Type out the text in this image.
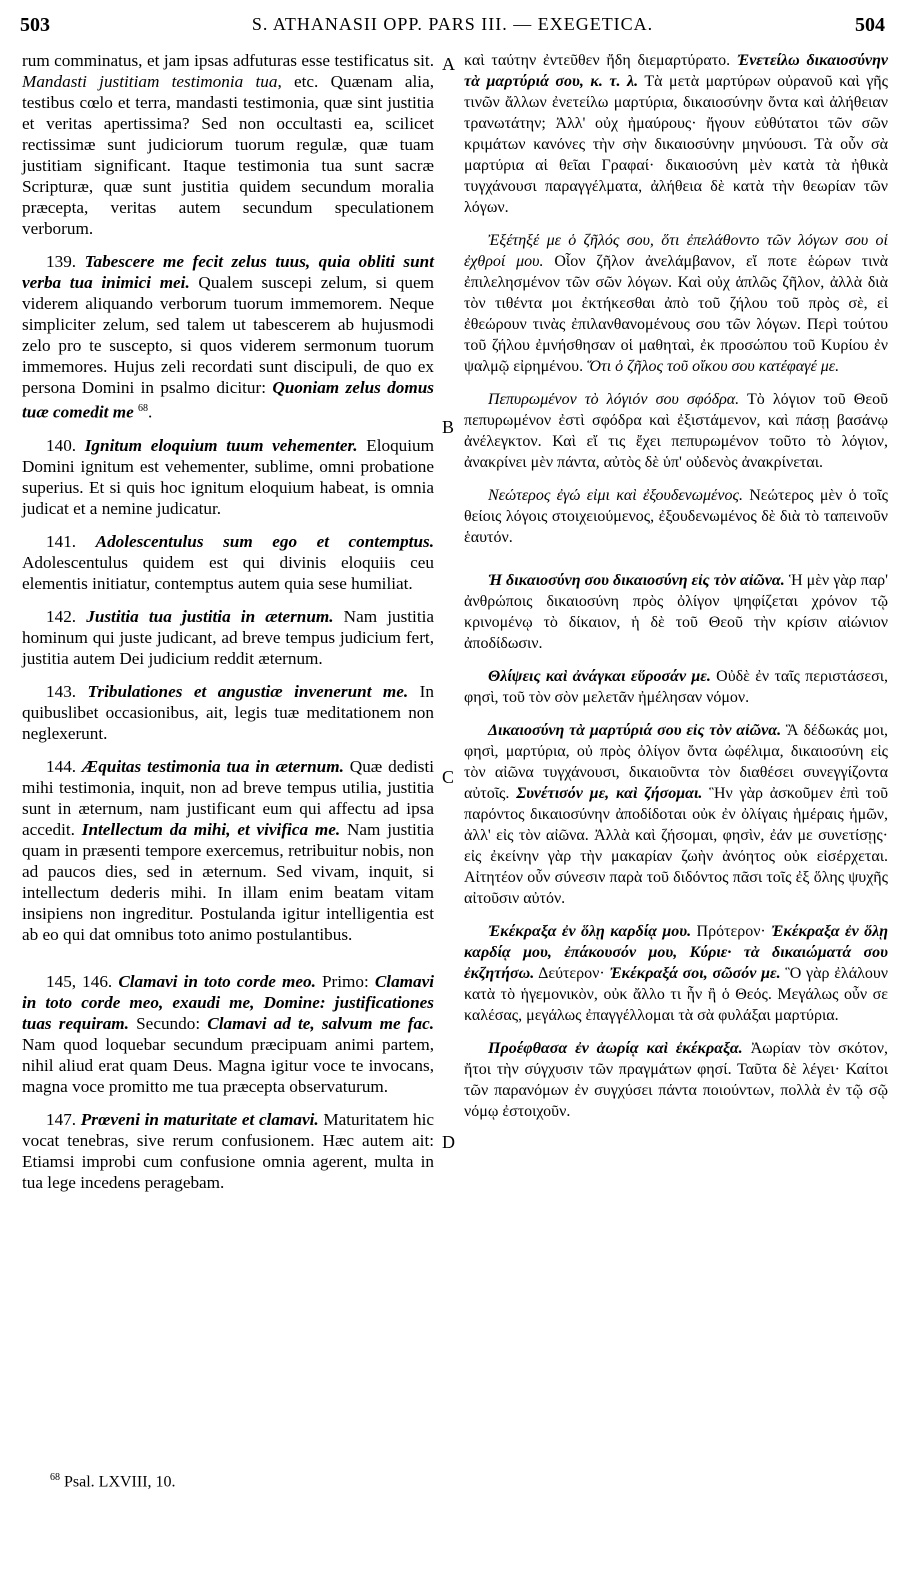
503	S. ATHANASII OPP. PARS III. — EXEGETICA.	504
A
B
C
D

rum comminatus, et jam ipsas adfuturas esse testificatus sit. Mandasti justitiam testimonia tua, etc. Quænam alia, testibus cœlo et terra, mandasti testimonia, quæ sint justitia et veritas apertissima? Sed non occultasti ea, scilicet rectissimæ sunt judiciorum tuorum regulæ, quæ tuam justitiam significant. Itaque testimonia tua sunt sacræ Scripturæ, quæ sunt justitia quidem secundum moralia præcepta, veritas autem secundum speculationem verborum.

139. Tabescere me fecit zelus tuus, quia obliti sunt verba tua inimici mei. Qualem suscepi zelum, si quem viderem aliquando verborum tuorum immemorem. Neque simpliciter zelum, sed talem ut tabescerem ab hujusmodi zelo pro te suscepto, si quos viderem sermonum tuorum immemores. Hujus zeli recordati sunt discipuli, de quo ex persona Domini in psalmo dicitur: Quoniam zelus domus tuæ comedit me $^{68}$.

140. Ignitum eloquium tuum vehementer. Eloquium Domini ignitum est vehementer, sublime, omni probatione superius. Et si quis hoc ignitum eloquium habeat, is omnia judicat et a nemine judicatur.

141. Adolescentulus sum ego et contemptus. Adolescentulus quidem est qui divinis eloquiis ceu elementis initiatur, contemptus autem quia sese humiliat.

142. Justitia tua justitia in æternum. Nam justitia hominum qui juste judicant, ad breve tempus judicium fert, justitia autem Dei judicium reddit æternum.

143. Tribulationes et angustiæ invenerunt me. In quibuslibet occasionibus, ait, legis tuæ meditationem non neglexerunt.

144. Æquitas testimonia tua in æternum. Quæ dedisti mihi testimonia, inquit, non ad breve tempus utilia, justitia sunt in æternum, nam justificant eum qui affectu ad ipsa accedit. Intellectum da mihi, et vivifica me. Nam justitia quam in præsenti tempore exercemus, retribuitur nobis, non ad paucos dies, sed in æternum. Sed vivam, inquit, si intellectum dederis mihi. In illam enim beatam vitam insipiens non ingreditur. Postulanda igitur intelligentia est ab eo qui dat omnibus toto animo postulantibus.

145, 146. Clamavi in toto corde meo. Primo: Clamavi in toto corde meo, exaudi me, Domine: justificationes tuas requiram. Secundo: Clamavi ad te, salvum me fac. Nam quod loquebar secundum præcipuam animi partem, nihil aliud erat quam Deus. Magna igitur voce te invocans, magna voce promitto me tua præcepta observaturum.

147. Prœveni in maturitate et clamavi. Maturitatem hic vocat tenebras, sive rerum confusionem. Hæc autem ait: Etiamsi improbi cum confusione omnia agerent, multa in tua lege incedens peragebam.

καὶ ταύτην ἐντεῦθεν ἤδη διεμαρτύρατο. Ἐνετείλω δικαιοσύνην τὰ μαρτύριά σου, κ. τ. λ. Τὰ μετὰ μαρτύρων οὐρανοῦ καὶ γῆς τινῶν ἄλλων ἐνετείλω μαρτύρια, δικαιοσύνην ὄντα καὶ ἀλήθειαν τρανωτάτην; Ἀλλ' οὐχ ἠμαύρους· ἤγουν εὐθύτατοι τῶν σῶν κριμάτων κανόνες τὴν σὴν δικαιοσύνην μηνύουσι. Τὰ οὖν σὰ μαρτύρια αἱ θεῖαι Γραφαί· δικαιοσύνη μὲν κατὰ τὰ ἠθικὰ τυγχάνουσι παραγγέλματα, ἀλήθεια δὲ κατὰ τὴν θεωρίαν τῶν λόγων.

Ἐξέτηξέ με ὁ ζῆλός σου, ὅτι ἐπελάθοντο τῶν λόγων σου οἱ ἐχθροί μου. Οἷον ζῆλον ἀνελάμβανον, εἴ ποτε ἑώρων τινὰ ἐπιλελησμένον τῶν σῶν λόγων. Καὶ οὐχ ἁπλῶς ζῆλον, ἀλλὰ διὰ τὸν τιθέντα μοι ἐκτήκεσθαι ἀπὸ τοῦ ζήλου τοῦ πρὸς σὲ, εἰ ἐθεώρουν τινὰς ἐπιλανθανομένους σου τῶν λόγων. Περὶ τούτου τοῦ ζήλου ἐμνήσθησαν οἱ μαθηταὶ, ἐκ προσώπου τοῦ Κυρίου ἐν ψαλμῷ εἰρημένου. Ὅτι ὁ ζῆλος τοῦ οἴκου σου κατέφαγέ με.

Πεπυρωμένον τὸ λόγιόν σου σφόδρα. Τὸ λόγιον τοῦ Θεοῦ πεπυρωμένον ἐστὶ σφόδρα καὶ ἐξιστάμενον, καὶ πάσῃ βασάνῳ ἀνέλεγκτον. Καὶ εἴ τις ἔχει πεπυρωμένον τοῦτο τὸ λόγιον, ἀνακρίνει μὲν πάντα, αὐτὸς δὲ ὑπ' οὐδενὸς ἀνακρίνεται.

Νεώτερος ἐγώ εἰμι καὶ ἐξουδενωμένος. Νεώτερος μὲν ὁ τοῖς θείοις λόγοις στοιχειούμενος, ἐξουδενωμένος δὲ διὰ τὸ ταπεινοῦν ἑαυτόν.

Ἡ δικαιοσύνη σου δικαιοσύνη εἰς τὸν αἰῶνα. Ἡ μὲν γὰρ παρ' ἀνθρώποις δικαιοσύνη πρὸς ὀλίγον ψηφίζεται χρόνον τῷ κρινομένῳ τὸ δίκαιον, ἡ δὲ τοῦ Θεοῦ τὴν κρίσιν αἰώνιον ἀποδίδωσιν.

Θλίψεις καὶ ἀνάγκαι εὕροσάν με. Οὐδὲ ἐν ταῖς περιστάσεσι, φησὶ, τοῦ τὸν σὸν μελετᾶν ἠμέλησαν νόμον.

Δικαιοσύνη τὰ μαρτύριά σου εἰς τὸν αἰῶνα. Ἃ δέδωκάς μοι, φησὶ, μαρτύρια, οὐ πρὸς ὀλίγον ὄντα ὠφέλιμα, δικαιοσύνη εἰς τὸν αἰῶνα τυγχάνουσι, δικαιοῦντα τὸν διαθέσει συνεγγίζοντα αὐτοῖς. Συνέτισόν με, καὶ ζήσομαι. Ἣν γὰρ ἀσκοῦμεν ἐπὶ τοῦ παρόντος δικαιοσύνην ἀποδίδοται οὐκ ἐν ὀλίγαις ἡμέραις ἡμῶν, ἀλλ' εἰς τὸν αἰῶνα. Ἀλλὰ καὶ ζήσομαι, φησὶν, ἐάν με συνετίσῃς· εἰς ἐκείνην γὰρ τὴν μακαρίαν ζωὴν ἀνόητος οὐκ εἰσέρχεται. Αἰτητέον οὖν σύνεσιν παρὰ τοῦ διδόντος πᾶσι τοῖς ἐξ ὅλης ψυχῆς αἰτοῦσιν αὐτόν.

Ἐκέκραξα ἐν ὅλῃ καρδίᾳ μου. Πρότερον· Ἐκέκραξα ἐν ὅλῃ καρδίᾳ μου, ἐπάκουσόν μου, Κύριε· τὰ δικαιώματά σου ἐκζητήσω. Δεύτερον· Ἐκέκραξά σοι, σῶσόν με. Ὃ γὰρ ἐλάλουν κατὰ τὸ ἡγεμονικὸν, οὐκ ἄλλο τι ἦν ἢ ὁ Θεός. Μεγάλως οὖν σε καλέσας, μεγάλως ἐπαγγέλλομαι τὰ σὰ φυλάξαι μαρτύρια.

Προέφθασα ἐν ἀωρίᾳ καὶ ἐκέκραξα. Ἀωρίαν τὸν σκότον, ἤτοι τὴν σύγχυσιν τῶν πραγμάτων φησί. Ταῦτα δὲ λέγει· Καίτοι τῶν παρανόμων ἐν συγχύσει πάντα ποιούντων, πολλὰ ἐν τῷ σῷ νόμῳ ἐστοιχοῦν.

$^{68}$ Psal. LXVIII, 10.
